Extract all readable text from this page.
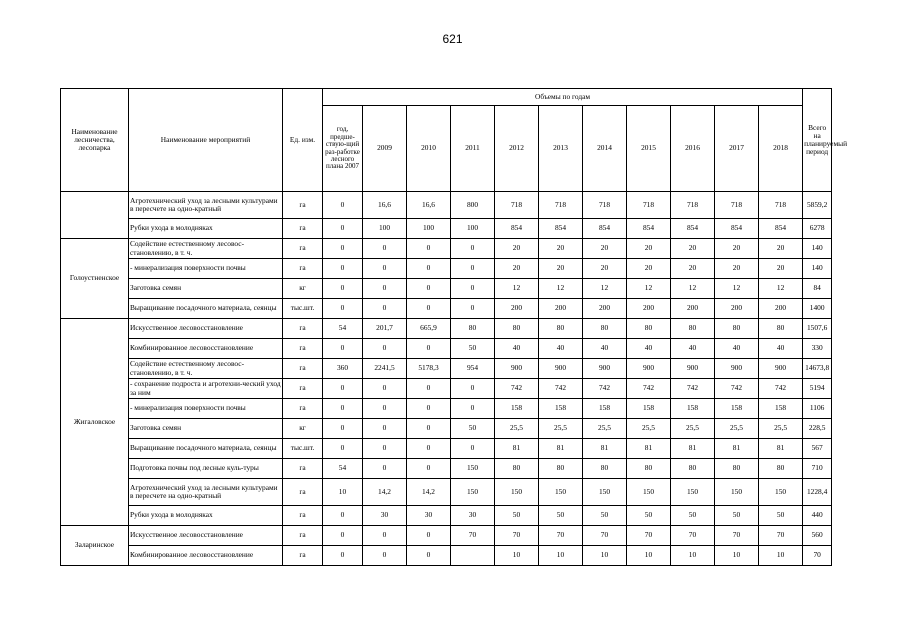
621
Наименование лесничества, лесопарка	Наименование мероприятий	Ед. изм.	Объемы по годам											Всего на планируемый период
			год, предше-ствую-щий раз-работке лесного плана 2007	2009	2010	2011	2012	2013	2014	2015	2016	2017	2018	
	Агротехнический уход за лесными культурами в пересчете на одно-кратный	га	0	16,6	16,6	800	718	718	718	718	718	718	718	5859,2
	Рубки ухода в молодняках	га	0	100	100	100	854	854	854	854	854	854	854	6278
Голоустненское	Содействие естественному лесовос-становлению, в т. ч.	га	0	0	0	0	20	20	20	20	20	20	20	140
	- минерализация поверхности почвы	га	0	0	0	0	20	20	20	20	20	20	20	140
	Заготовка семян	кг	0	0	0	0	12	12	12	12	12	12	12	84
	Выращивание посадочного материала, сеянцы	тыс.шт.	0	0	0	0	200	200	200	200	200	200	200	1400
Жигаловское	Искусственное лесовосстановление	га	54	201,7	665,9	80	80	80	80	80	80	80	80	1507,6
	Комбинированное лесовосстановление	га	0	0	0	50	40	40	40	40	40	40	40	330
	Содействие естественному лесовос-становлению, в т. ч.	га	360	2241,5	5178,3	954	900	900	900	900	900	900	900	14673,8
	- сохранение подроста и агротехни-ческий уход за ним	га	0	0	0	0	742	742	742	742	742	742	742	5194
	- минерализация поверхности почвы	га	0	0	0	0	158	158	158	158	158	158	158	1106
	Заготовка семян	кг	0	0	0	50	25,5	25,5	25,5	25,5	25,5	25,5	25,5	228,5
	Выращивание посадочного материала, сеянцы	тыс.шт.	0	0	0	0	81	81	81	81	81	81	81	567
	Подготовка почвы под лесные куль-туры	га	54	0	0	150	80	80	80	80	80	80	80	710
	Агротехнический уход за лесными культурами в пересчете на одно-кратный	га	10	14,2	14,2	150	150	150	150	150	150	150	150	1228,4
	Рубки ухода в молодняках	га	0	30	30	30	50	50	50	50	50	50	50	440
Заларинское	Искусственное лесовосстановление	га	0	0	0	70	70	70	70	70	70	70	70	560
	Комбинированное лесовосстановление	га	0	0	0		10	10	10	10	10	10	10	70
